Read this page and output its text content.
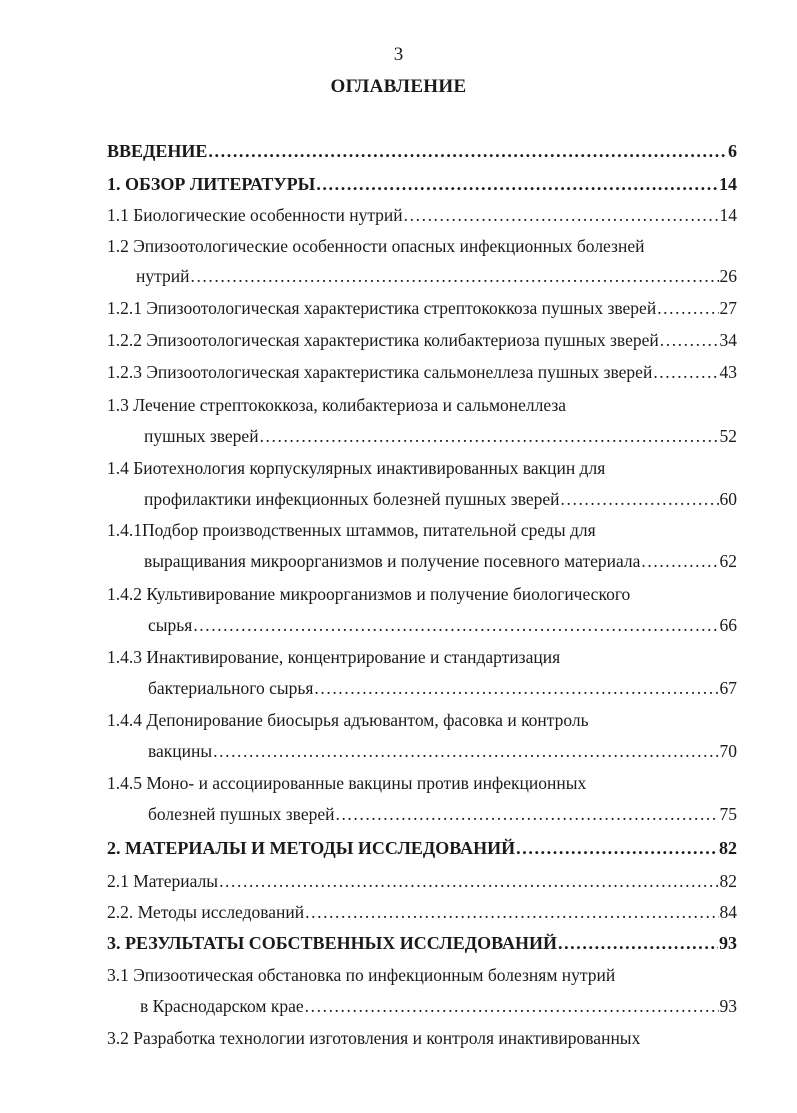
3
ОГЛАВЛЕНИЕ
ВВЕДЕНИЕ .....	6
1. ОБЗОР ЛИТЕРАТУРЫ .....	14
1.1 Биологические особенности нутрий .....	14
1.2 Эпизоотологические особенности опасных инфекционных болезней
нутрий .....	26
1.2.1 Эпизоотологическая характеристика стрептококкоза пушных зверей .....	27
1.2.2 Эпизоотологическая характеристика колибактериоза пушных зверей .....	34
1.2.3 Эпизоотологическая характеристика сальмонеллеза пушных зверей .....	43
1.3 Лечение стрептококкоза, колибактериоза и сальмонеллеза
пушных зверей .....	52
1.4 Биотехнология корпускулярных инактивированных вакцин для
профилактики инфекционных болезней пушных зверей .....	60
1.4.1Подбор производственных штаммов, питательной среды для
выращивания микроорганизмов и получение посевного материала .....	62
1.4.2 Культивирование микроорганизмов и получение биологического
сырья .....	66
1.4.3 Инактивирование, концентрирование и стандартизация
бактериального сырья .....	67
1.4.4 Депонирование биосырья адъювантом, фасовка и контроль
вакцины .....	70
1.4.5 Моно- и ассоциированные вакцины против инфекционных
болезней пушных зверей .....	75
2. МАТЕРИАЛЫ И МЕТОДЫ ИССЛЕДОВАНИЙ .....	82
2.1 Материалы .....	82
2.2. Методы исследований .....	84
3. РЕЗУЛЬТАТЫ СОБСТВЕННЫХ ИССЛЕДОВАНИЙ .....	93
3.1 Эпизоотическая обстановка по инфекционным болезням нутрий
в Краснодарском крае .....	93
3.2 Разработка технологии изготовления и контроля инактивированных
